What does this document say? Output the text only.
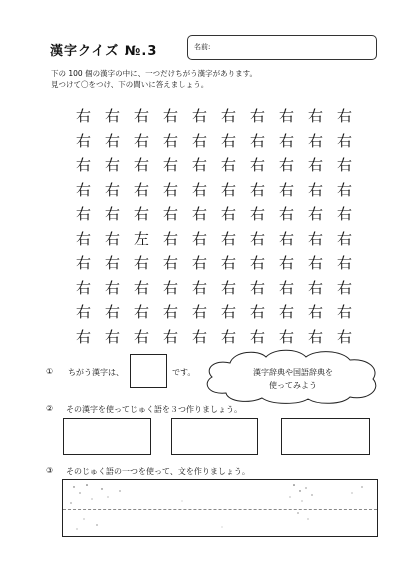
漢字クイズ №.3	名前:
下の 100 個の漢字の中に、一つだけちがう漢字があります。
見つけて〇をつけ、下の間いに答えましょう。
右 右 右 右 右 右 右 右 右 右
右 右 右 右 右 右 右 右 右 右
右 右 右 右 右 右 右 右 右 右
右 右 右 右 右 右 右 右 右 右
右 右 右 右 右 右 右 右 右 右
右 右 左 右 右 右 右 右 右 右
右 右 右 右 右 右 右 右 右 右
右 右 右 右 右 右 右 右 右 右
右 右 右 右 右 右 右 右 右 右
右 右 右 右 右 右 右 右 右 右
① ちがう漢字は、	です。	漢字辞典や国語辞典を
使ってみよう
② その漢字を使ってじゅく語を３つ作りましょう。
③ そのじゅく語の一つを使って、文を作りましょう。
